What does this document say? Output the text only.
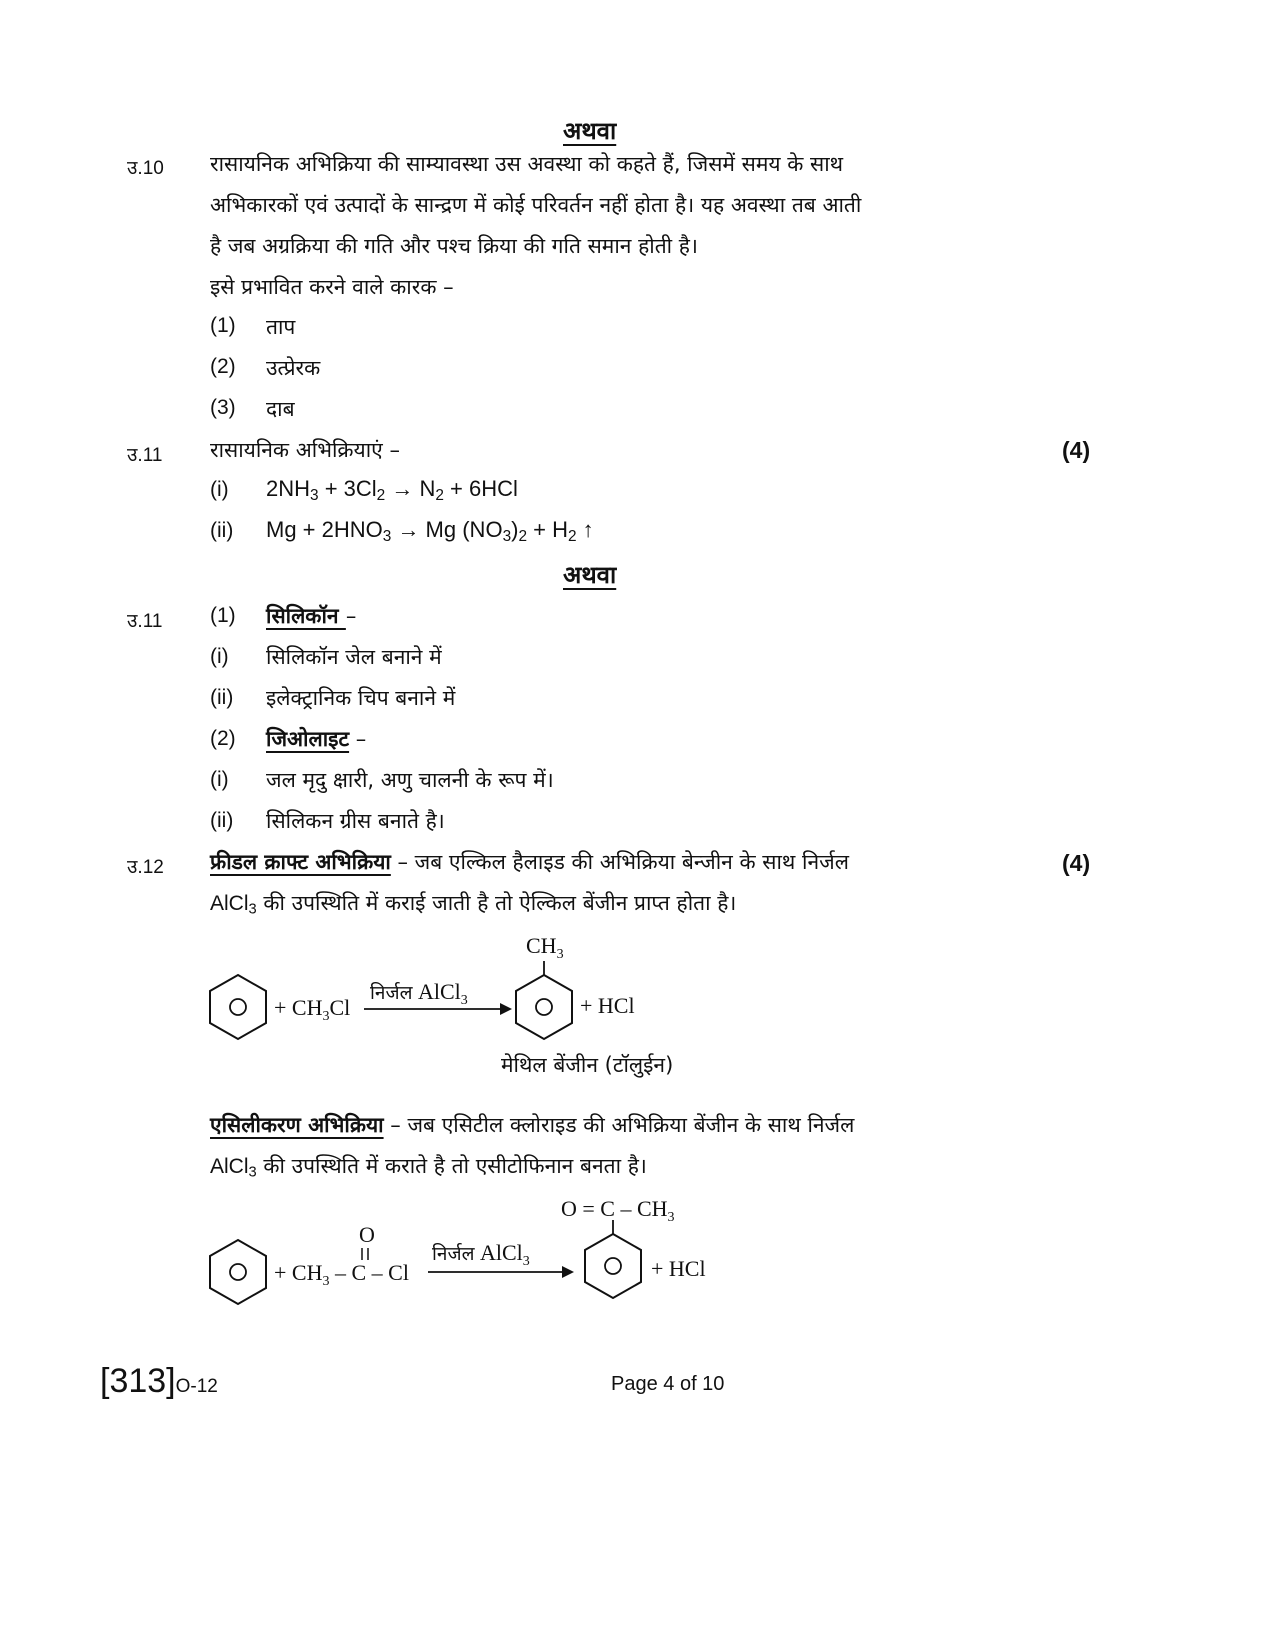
अथवा
उ.10 रासायनिक अभिक्रिया की साम्यावस्था उस अवस्था को कहते हैं, जिसमें समय के साथ
अभिकारकों एवं उत्पादों के सान्द्रण में कोई परिवर्तन नहीं होता है। यह अवस्था तब आती
है जब अग्रक्रिया की गति और पश्च क्रिया की गति समान होती है।
इसे प्रभावित करने वाले कारक –
(1) ताप
(2) उत्प्रेरक
(3) दाब
उ.11 रासायनिक अभिक्रियाएं –	(4)
(i) $2NH_3 + 3Cl_2 \to N_2 + 6HCl$
(ii) $Mg + 2HNO_3 \to Mg$ $(NO_3)_2 + H_2$ ↑
अथवा
उ.11 (1) सिलिकॉन –
(i) सिलिकॉन जेल बनाने में
(ii) इलेक्ट्रानिक चिप बनाने में
(2) जिओलाइट –
(i) जल मृदु क्षारी, अणु चालनी के रूप में।
(ii) सिलिकन ग्रीस बनाते है।
उ.12	(4)
फ्रीडल क्राफ्ट अभिक्रिया – जब एल्किल हैलाइड की अभिक्रिया बेन्जीन के साथ निर्जल
AlCl$_3$ की उपस्थिति में कराई जाती है तो ऐल्किल बेंजीन प्राप्त होता है।
+ $CH_3Cl$
निर्जल AlCl$_3$
$CH_3$
+ HCl
मेथिल बेंजीन (टॉलुईन)
एसिलीकरण अभिक्रिया – जब एसिटील क्लोराइड की अभिक्रिया बेंजीन के साथ निर्जल
AlCl$_3$ की उपस्थिति में कराते है तो एसीटोफिनान बनता है।
+ $CH_3$ – C – Cl
O
निर्जल AlCl$_3$
$O = C - CH_3$
+ HCl
[313]O-12	Page 4 of 10
